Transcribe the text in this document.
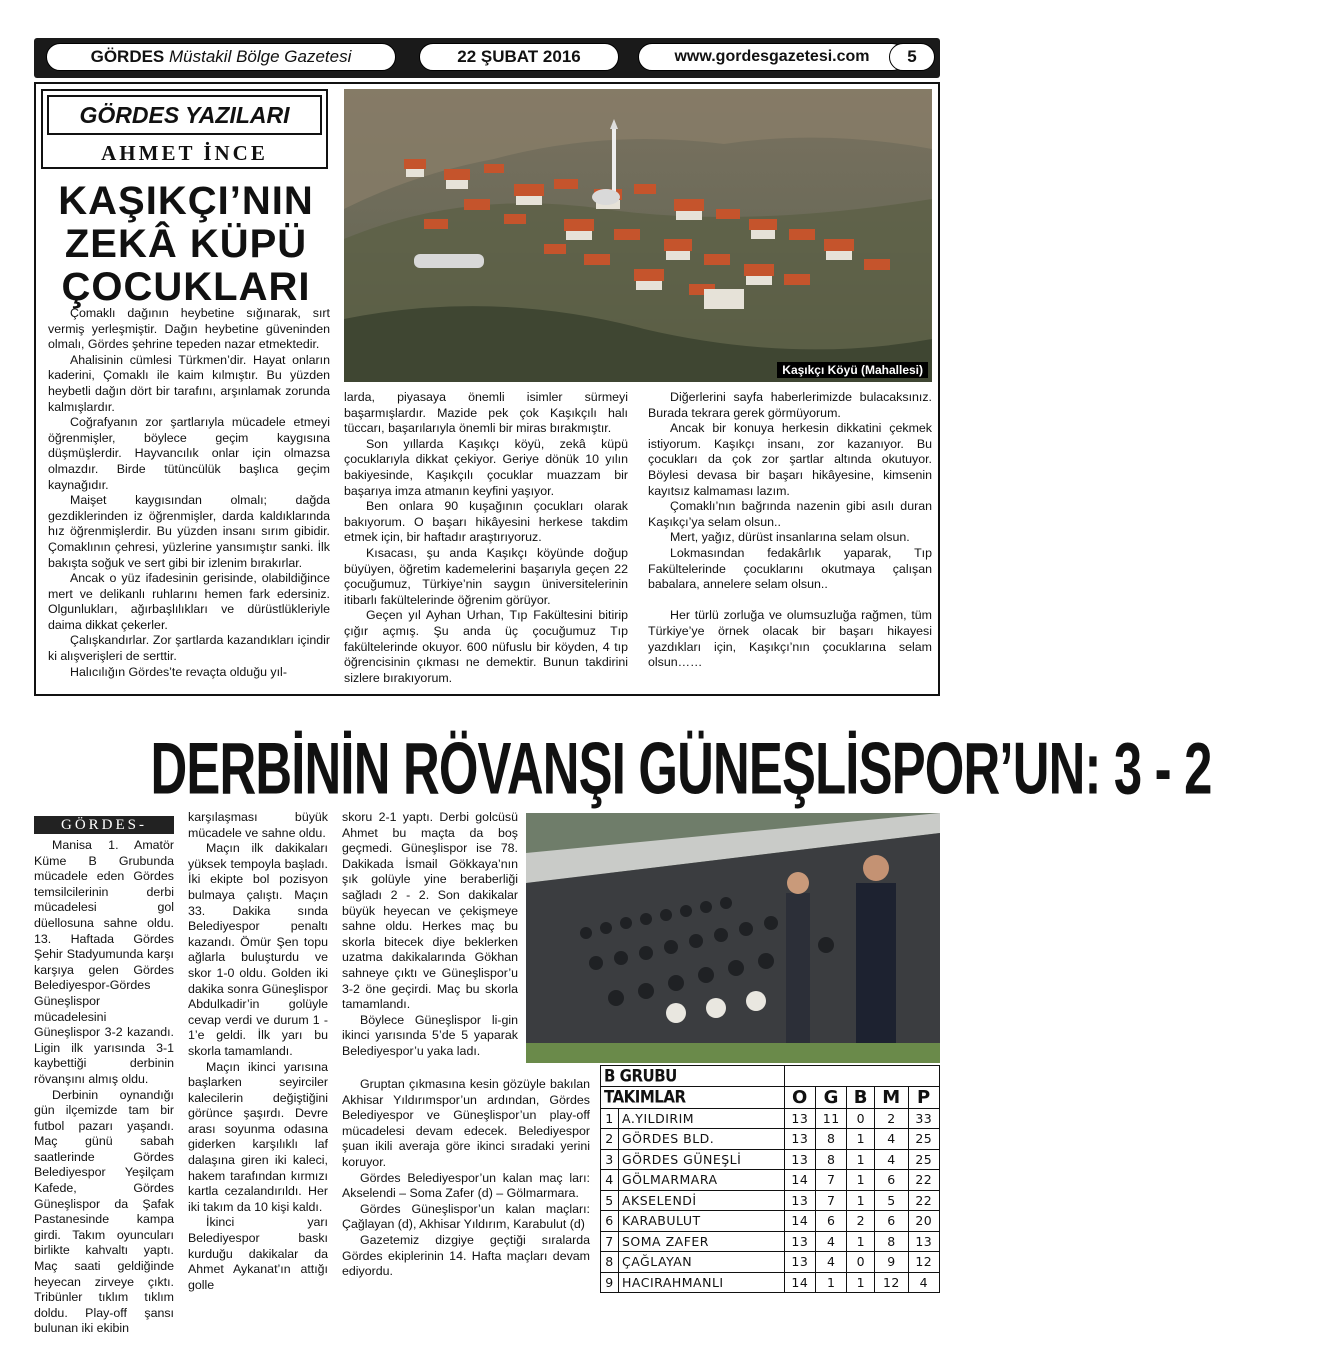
GÖRDES Müstakil Bölge Gazetesi	22 ŞUBAT 2016	www.gordesgazetesi.com	5
GÖRDES YAZILARI
AHMET İNCE
KAŞIKÇI’NIN
ZEKÂ KÜPÜ
ÇOCUKLARI
Kaşıkçı Köyü (Mahallesi)

Çomaklı dağının heybetine sığınarak, sırt vermiş yerleşmiştir. Dağın heybetine güveninden olmalı, Gördes şehrine tepeden nazar etmektedir.

Ahalisinin cümlesi Türkmen’dir. Hayat onların kaderini, Çomaklı ile kaim kılmıştır. Bu yüzden heybetli dağın dört bir tarafını, arşınlamak zorunda kalmışlardır.

Coğrafyanın zor şartlarıyla mücadele etmeyi öğrenmişler, böylece geçim kaygısına düşmüşlerdir. Hayvancılık onlar için olmazsa olmazdır. Birde tütüncülük başlıca geçim kaynağıdır.

Maişet kaygısından olmalı; dağda gezdiklerinden iz öğrenmişler, darda kaldıklarında hız öğrenmişlerdir. Bu yüzden insanı sırım gibidir. Çomaklının çehresi, yüzlerine yansımıştır sanki. İlk bakışta soğuk ve sert gibi bir izlenim bırakırlar.

Ancak o yüz ifadesinin gerisinde, olabildiğince mert ve delikanlı ruhlarını hemen fark edersiniz. Olgunlukları, ağırbaşlılıkları ve dürüstlükleriyle daima dikkat çekerler.

Çalışkandırlar. Zor şartlarda kazandıkları içindir ki alışverişleri de serttir.

Halıcılığın Gördes’te revaçta olduğu yıl-

larda, piyasaya önemli isimler sürmeyi başarmışlardır. Mazide pek çok Kaşıkçılı halı tüccarı, başarılarıyla önemli bir miras bırakmıştır.

Son yıllarda Kaşıkçı köyü, zekâ küpü çocuklarıyla dikkat çekiyor. Geriye dönük 10 yılın bakiyesinde, Kaşıkçılı çocuklar muazzam bir başarıya imza atmanın keyfini yaşıyor.

Ben onlara 90 kuşağının çocukları olarak bakıyorum. O başarı hikâyesini herkese takdim etmek için, bir haftadır araştırıyoruz.

Kısacası, şu anda Kaşıkçı köyünde doğup büyüyen, öğretim kademelerini başarıyla geçen 22 çocuğumuz, Türkiye’nin saygın üniversitelerinin itibarlı fakültelerinde öğrenim görüyor.

Geçen yıl Ayhan Urhan, Tıp Fakültesini bitirip çığır açmış. Şu anda üç çocuğumuz Tıp fakültelerinde okuyor. 600 nüfuslu bir köyden, 4 tıp öğrencisinin çıkması ne demektir. Bunun takdirini sizlere bırakıyorum.

Diğerlerini sayfa haberlerimizde bulacaksınız. Burada tekrara gerek görmüyorum.

Ancak bir konuya herkesin dikkatini çekmek istiyorum. Kaşıkçı insanı, zor kazanıyor. Bu çocukları da çok zor şartlar altında okutuyor. Böylesi devasa bir başarı hikâyesine, kimsenin kayıtsız kalmaması lazım.

Çomaklı’nın bağrında nazenin gibi asılı duran Kaşıkçı’ya selam olsun..

Mert, yağız, dürüst insanlarına selam olsun.

Lokmasından fedakârlık yaparak, Tıp Fakültelerinde çocuklarını okutmaya çalışan babalara, annelere selam olsun..

Her türlü zorluğa ve olumsuzluğa rağmen, tüm Türkiye’ye örnek olacak bir başarı hikayesi yazdıkları için, Kaşıkçı’nın çocuklarına selam olsun……

DERBİNİN RÖVANŞI GÜNEŞLİSPOR’UN: 3 - 2
GÖRDES-

Manisa 1. Amatör Küme B Grubunda mücadele eden Gördes temsilcilerinin derbi mücadelesi gol düellosuna sahne oldu. 13. Haftada Gördes Şehir Stadyumunda karşı karşıya gelen Gördes Belediyespor-Gördes Güneşlispor mücadelesini Güneşlispor 3-2 kazandı. Ligin ilk yarısında 3-1 kaybettiği derbinin rövanşını almış oldu.

Derbinin oynandığı gün ilçemizde tam bir futbol pazarı yaşandı. Maç günü sabah saatlerinde Gördes Belediyespor Yeşilçam Kafede, Gördes Güneşlispor da Şafak Pastanesinde kampa girdi. Takım oyuncuları birlikte kahvaltı yaptı. Maç saati geldiğinde heyecan zirveye çıktı. Tribünler tıklım tıklım doldu. Play-off şansı bulunan iki ekibin

karşılaşması büyük mücadele ve sahne oldu.

Maçın ilk dakikaları yüksek tempoyla başladı. İki ekipte bol pozisyon bulmaya çalıştı. Maçın 33. Dakika sında Belediyespor penaltı kazandı. Ömür Şen topu ağlarla buluşturdu ve skor 1-0 oldu. Golden iki dakika sonra Güneşlispor Abdulkadir’in golüyle cevap verdi ve durum 1 - 1’e geldi. İlk yarı bu skorla tamamlandı.

Maçın ikinci yarısına başlarken seyirciler kalecilerin değiştiğini görünce şaşırdı. Devre arası soyunma odasına giderken karşılıklı laf dalaşına giren iki kaleci, hakem tarafından kırmızı kartla cezalandırıldı. Her iki takım da 10 kişi kaldı.

İkinci yarı Belediyespor baskı kurduğu dakikalar da Ahmet Aykanat’ın attığı golle

skoru 2-1 yaptı. Derbi golcüsü Ahmet bu maçta da boş geçmedi. Güneşlispor ise 78. Dakikada İsmail Gökkaya’nın şık golüyle yine beraberliği sağladı 2 - 2. Son dakikalar büyük heyecan ve çekişmeye sahne oldu. Herkes maç bu skorla bitecek diye beklerken uzatma dakikalarında Gökhan sahneye çıktı ve Güneşlispor’u 3-2 öne geçirdi. Maç bu skorla tamamlandı.

Böylece Güneşlispor li-gin ikinci yarısında 5’de 5 yaparak Belediyespor’u yaka ladı.

Gruptan çıkmasına kesin gözüyle bakılan Akhisar Yıldırımspor’un ardından, Gördes Belediyespor ve Güneşlispor’un play-off mücadelesi devam edecek. Belediyespor şuan ikili averaja göre ikinci sıradaki yerini koruyor.

Gördes Belediyespor’un kalan maç ları: Akselendi – Soma Zafer (d) – Gölmarmara.

Gördes Güneşlispor’un kalan maçları: Çağlayan (d), Akhisar Yıldırım, Karabulut (d)

Gazetemiz dizgiye geçtiği sıralarda Gördes ekiplerinin 14. Hafta maçları devam ediyordu.

B GRUBU						
TAKIMLAR		O	G	B	M	P
1	A.YILDIRIM	13	11	0	2	33
2	GÖRDES BLD.	13	8	1	4	25
3	GÖRDES GÜNEŞLİ	13	8	1	4	25
4	GÖLMARMARA	14	7	1	6	22
5	AKSELENDİ	13	7	1	5	22
6	KARABULUT	14	6	2	6	20
7	SOMA ZAFER	13	4	1	8	13
8	ÇAĞLAYAN	13	4	0	9	12
9	HACIRAHMANLI	14	1	1	12	4
